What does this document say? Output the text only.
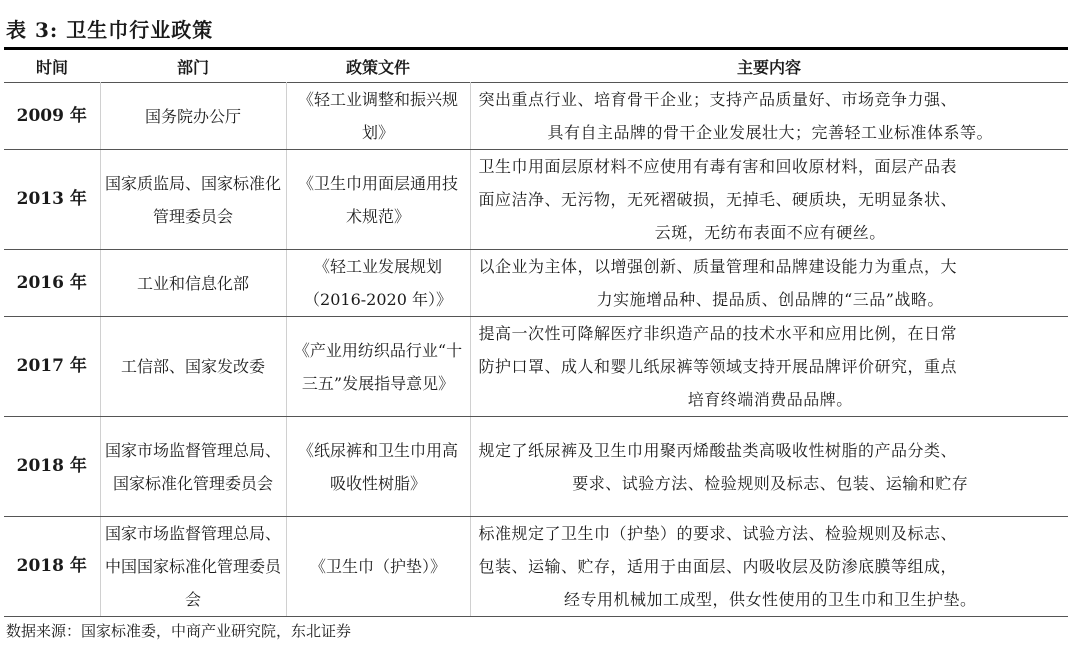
表 3: 卫生巾行业政策
时间	部门	政策文件	主要内容
2009 年	国务院办公厅	《轻工业调整和振兴规划》	突出重点行业、培育骨干企业；支持产品质量好、市场竞争力强、
具有自主品牌的骨干企业发展壮大；完善轻工业标准体系等。

2013 年	国家质监局、国家标准化管理委员会	《卫生巾用面层通用技术规范》	卫生巾用面层原材料不应使用有毒有害和回收原材料，面层产品表
面应洁净、无污物，无死褶破损，无掉毛、硬质块，无明显条状、
云斑，无纺布表面不应有硬丝。

2016 年	工业和信息化部	《轻工业发展规划（2016-2020 年）》	以企业为主体，以增强创新、质量管理和品牌建设能力为重点，大
力实施增品种、提品质、创品牌的“三品”战略。

2017 年	工信部、国家发改委	《产业用纺织品行业“十三五”发展指导意见》	提高一次性可降解医疗非织造产品的技术水平和应用比例，在日常
防护口罩、成人和婴儿纸尿裤等领域支持开展品牌评价研究，重点
培育终端消费品品牌。

2018 年	国家市场监督管理总局、国家标准化管理委员会	《纸尿裤和卫生巾用高吸收性树脂》	规定了纸尿裤及卫生巾用聚丙烯酸盐类高吸收性树脂的产品分类、
要求、试验方法、检验规则及标志、包装、运输和贮存

2018 年	国家市场监督管理总局、中国国家标准化管理委员会	《卫生巾（护垫）》	标准规定了卫生巾（护垫）的要求、试验方法、检验规则及标志、
包装、运输、贮存，适用于由面层、内吸收层及防渗底膜等组成，
经专用机械加工成型，供女性使用的卫生巾和卫生护垫。
数据来源：国家标准委，中商产业研究院，东北证券
